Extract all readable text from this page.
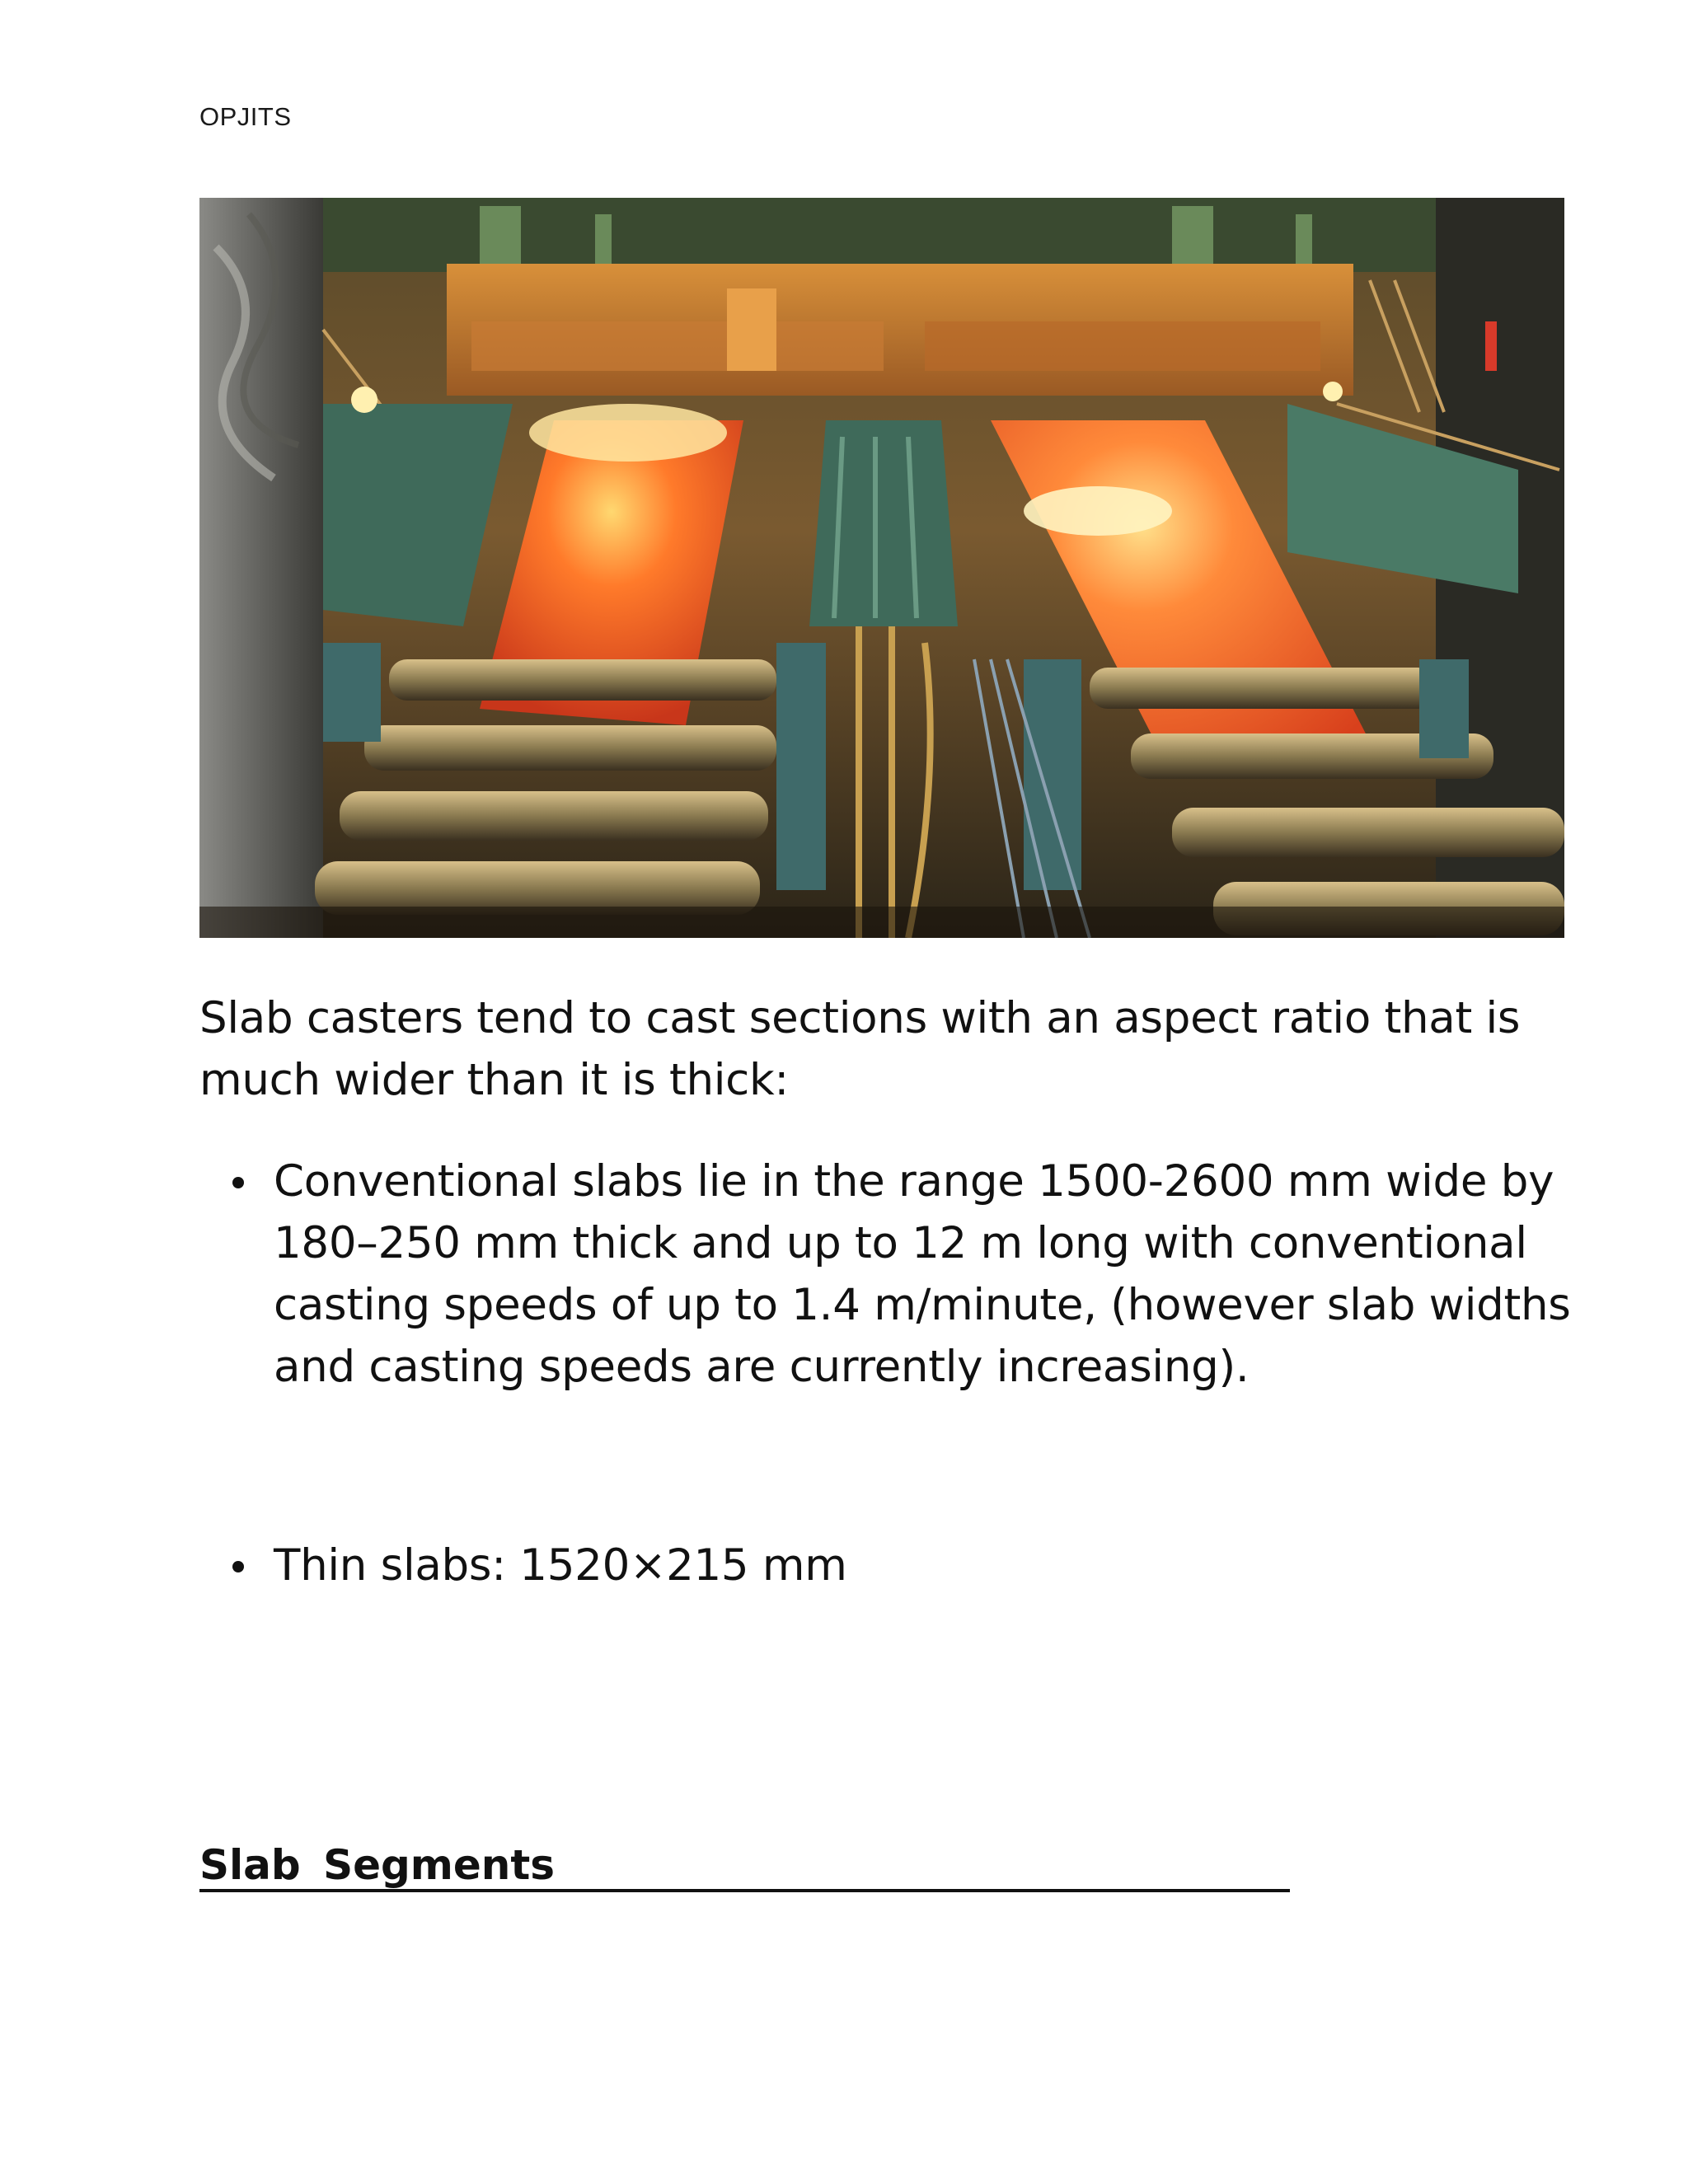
OPJITS
Slab casters tend to cast sections with an aspect ratio that is much wider than it is thick:
Conventional slabs lie in the range 1500-2600 mm wide by 180–250 mm thick and up to 12 m long with conventional casting speeds of up to 1.4 m/minute, (however slab widths and casting speeds are currently increasing).
Thin slabs: 1520×215 mm
Slab Segments
